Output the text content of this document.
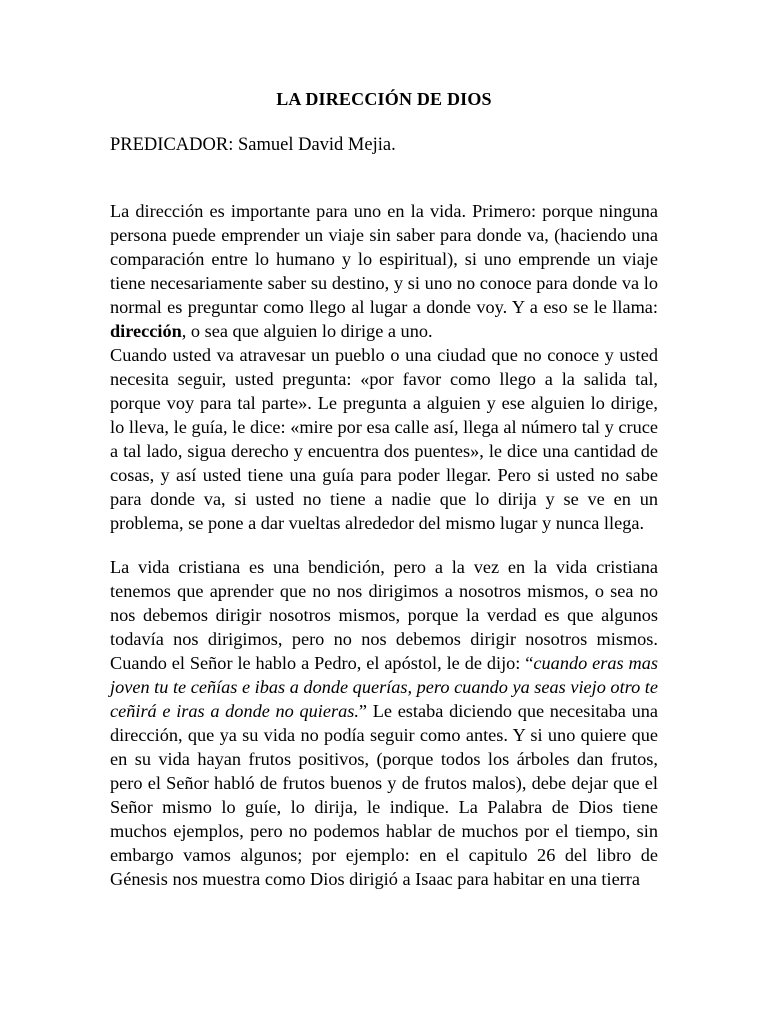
LA DIRECCIÓN DE DIOS
PREDICADOR: Samuel David Mejia.

La dirección es importante para uno en la vida. Primero: porque ninguna persona puede emprender un viaje sin saber para donde va, (haciendo una comparación entre lo humano y lo espiritual), si uno emprende un viaje tiene necesariamente saber su destino, y si uno no conoce para donde va lo normal es preguntar como llego al lugar a donde voy. Y a eso se le llama: dirección, o sea que alguien lo dirige a uno.

Cuando usted va atravesar un pueblo o una ciudad que no conoce y usted necesita seguir, usted pregunta: «por favor como llego a la salida tal, porque voy para tal parte». Le pregunta a alguien y ese alguien lo dirige, lo lleva, le guía, le dice: «mire por esa calle así, llega al número tal y cruce a tal lado, sigua derecho y encuentra dos puentes», le dice una cantidad de cosas, y así usted tiene una guía para poder llegar. Pero si usted no sabe para donde va, si usted no tiene a nadie que lo dirija y se ve en un problema, se pone a dar vueltas alrededor del mismo lugar y nunca llega.

La vida cristiana es una bendición, pero a la vez en la vida cristiana tenemos que aprender que no nos dirigimos a nosotros mismos, o sea no nos debemos dirigir nosotros mismos, porque la verdad es que algunos todavía nos dirigimos, pero no nos debemos dirigir nosotros mismos. Cuando el Señor le hablo a Pedro, el apóstol, le de dijo: “cuando eras mas joven tu te ceñías e ibas a donde querías, pero cuando ya seas viejo otro te ceñirá e iras a donde no quieras.” Le estaba diciendo que necesitaba una dirección, que ya su vida no podía seguir como antes. Y si uno quiere que en su vida hayan frutos positivos, (porque todos los árboles dan frutos, pero el Señor habló de frutos buenos y de frutos malos), debe dejar que el Señor mismo lo guíe, lo dirija, le indique. La Palabra de Dios tiene muchos ejemplos, pero no podemos hablar de muchos por el tiempo, sin embargo vamos algunos; por ejemplo: en el capitulo 26 del libro de Génesis nos muestra como Dios dirigió a Isaac para habitar en una tierra
